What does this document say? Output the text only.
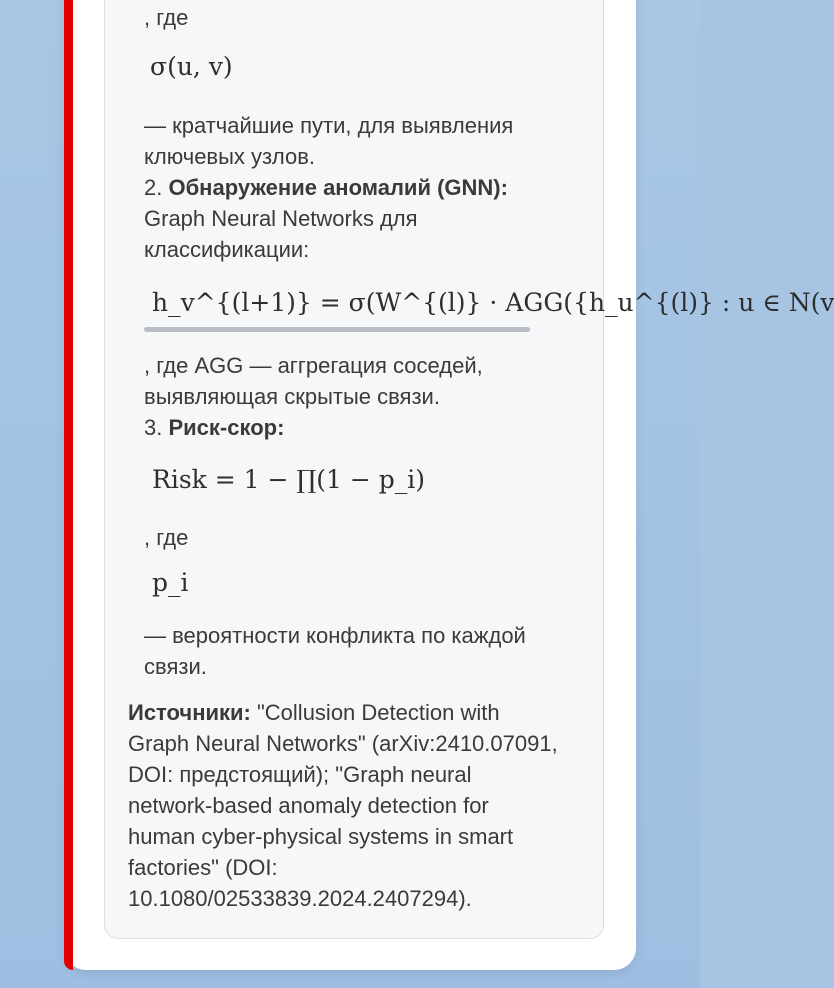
, где
σ(u, v)
— кратчайшие пути, для выявления
ключевых узлов.
2. Обнаружение аномалий (GNN):
Graph Neural Networks для
классификации:
h_v^{(l+1)} = σ(W^{(l)} · AGG({h_u^{(l)} : u ∈ N(v
, где AGG — аггрегация соседей,
выявляющая скрытые связи.
3. Риск-скор:
Risk = 1 − ∏(1 − p_i)
, где
p_i
— вероятности конфликта по каждой
связи.
Источники: "Collusion Detection with
Graph Neural Networks" (arXiv:2410.07091,
DOI: предстоящий); "Graph neural
network-based anomaly detection for
human cyber-physical systems in smart
factories" (DOI:
10.1080/02533839.2024.2407294).
